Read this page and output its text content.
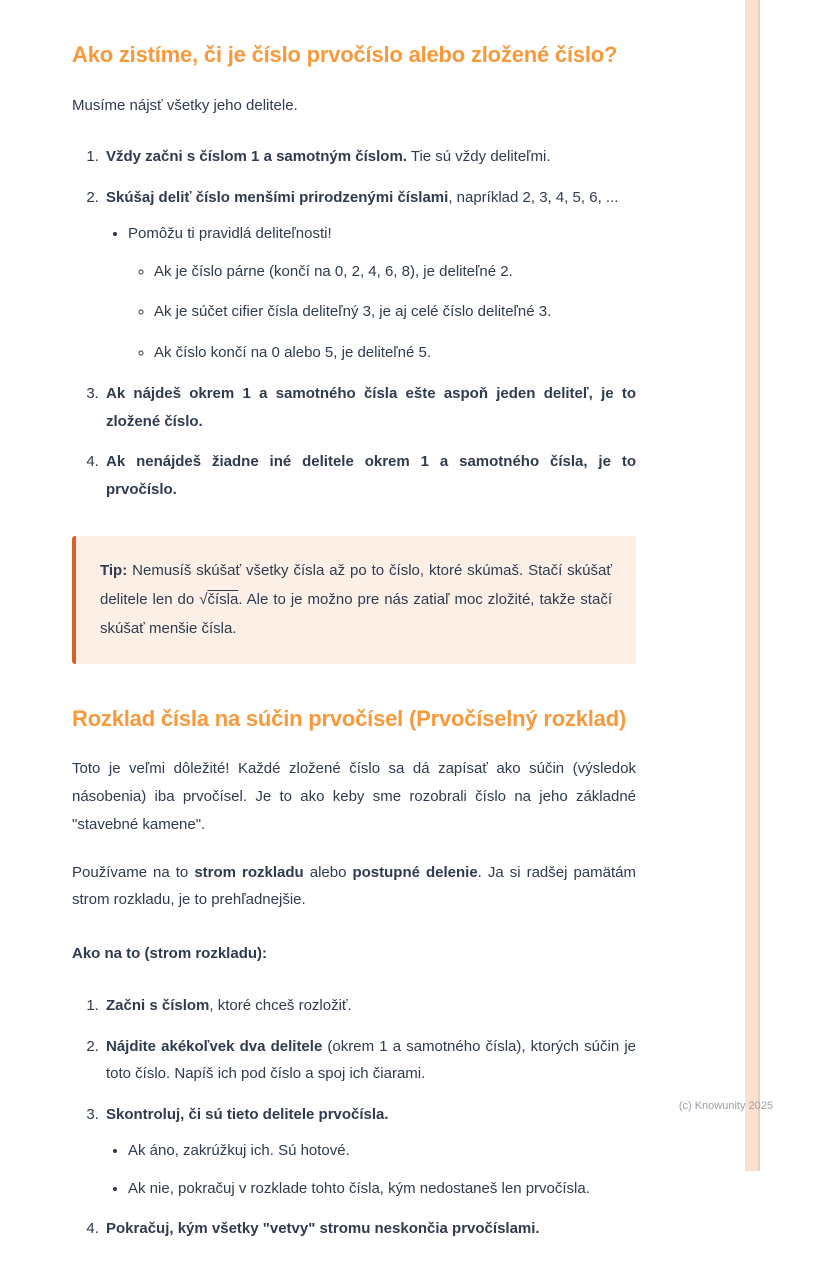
Ako zistíme, či je číslo prvočíslo alebo zložené číslo?

Musíme nájsť všetky jeho delitele.

1. Vždy začni s číslom 1 a samotným číslom. Tie sú vždy deliteľmi.
2. Skúšaj deliť číslo menšími prirodzenými číslami, napríklad 2, 3, 4, 5, 6, ...
• Pomôžu ti pravidlá deliteľnosti!
◦ Ak je číslo párne (končí na 0, 2, 4, 6, 8), je deliteľné 2.
◦ Ak je súčet cifier čísla deliteľný 3, je aj celé číslo deliteľné 3.
◦ Ak číslo končí na 0 alebo 5, je deliteľné 5.
3. Ak nájdeš okrem 1 a samotného čísla ešte aspoň jeden deliteľ, je to zložené číslo.
4. Ak nenájdeš žiadne iné delitele okrem 1 a samotného čísla, je to prvočíslo.
Tip: Nemusíš skúšať všetky čísla až po to číslo, ktoré skúmaš. Stačí skúšať delitele len do √čísla. Ale to je možno pre nás zatiaľ moc zložité, takže stačí skúšať menšie čísla.
Rozklad čísla na súčin prvočísel (Prvočíselný rozklad)

Toto je veľmi dôležité! Každé zložené číslo sa dá zapísať ako súčin (výsledok násobenia) iba prvočísel. Je to ako keby sme rozobrali číslo na jeho základné "stavebné kamene".

Používame na to strom rozkladu alebo postupné delenie. Ja si radšej pamätám strom rozkladu, je to prehľadnejšie.

Ako na to (strom rozkladu):

1. Začni s číslom, ktoré chceš rozložiť.
2. Nájdite akékoľvek dva delitele (okrem 1 a samotného čísla), ktorých súčin je toto číslo. Napíš ich pod číslo a spoj ich čiarami.
3. Skontroluj, či sú tieto delitele prvočísla.
• Ak áno, zakrúžkuj ich. Sú hotové.
• Ak nie, pokračuj v rozklade tohto čísla, kým nedostaneš len prvočísla.
4. Pokračuj, kým všetky "vetvy" stromu neskončia prvočíslami.
(c) Knowunity 2025
